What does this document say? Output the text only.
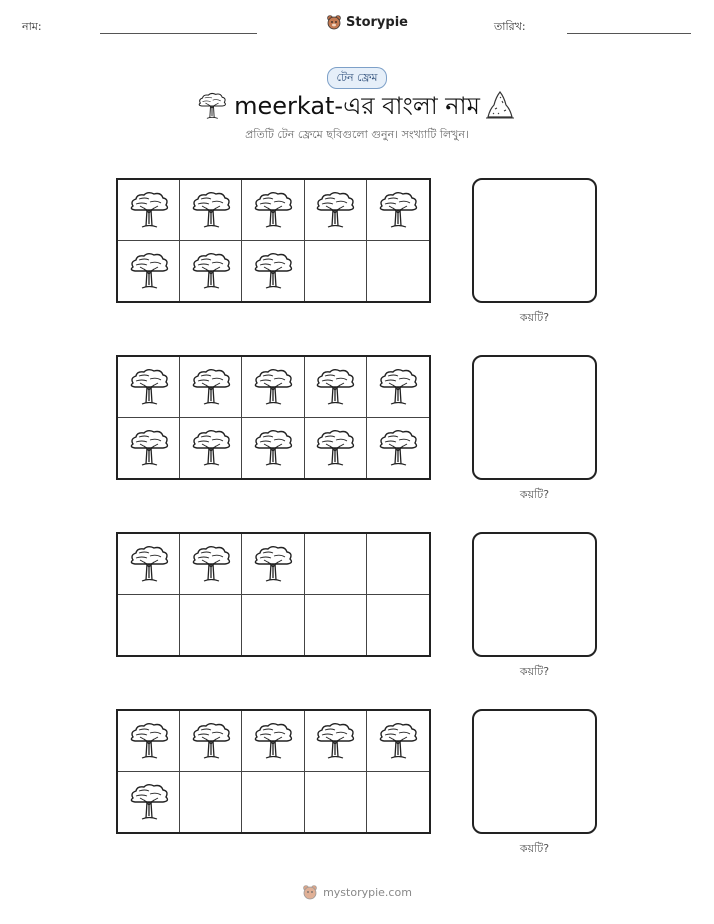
নাম:	Storypie	তারিখ:
টেন ফ্রেম
meerkat-এর বাংলা নাম
প্রতিটি টেন ফ্রেমে ছবিগুলো গুনুন। সংখ্যাটি লিখুন।
কয়টি?
কয়টি?
কয়টি?
কয়টি?
mystorypie.com
